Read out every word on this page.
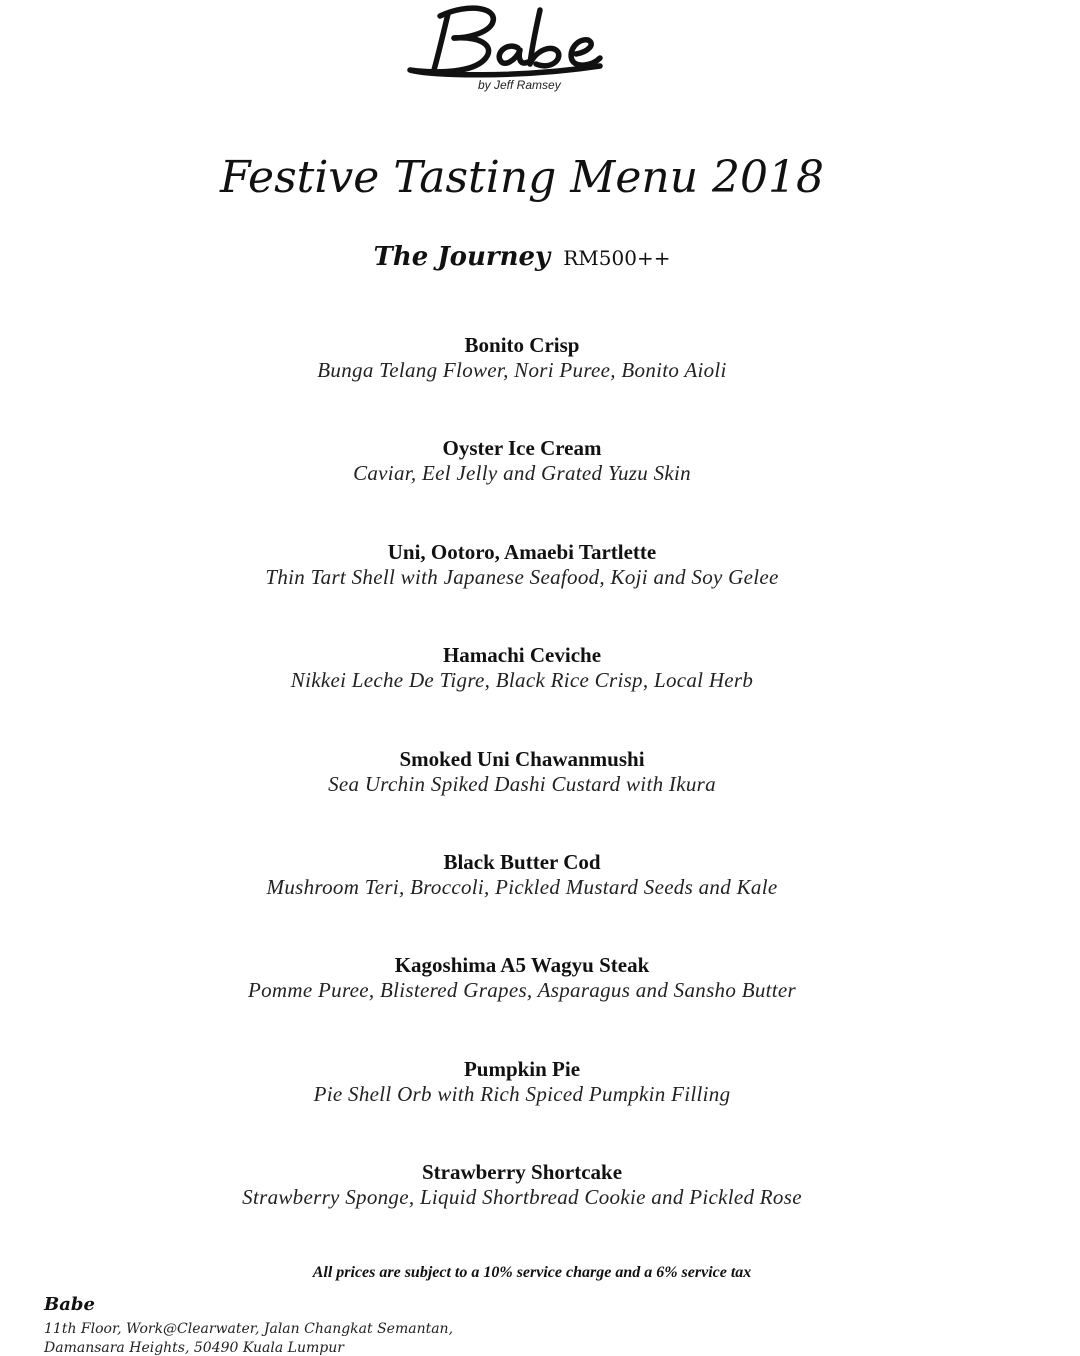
by Jeff Ramsey
Festive Tasting Menu 2018
The Journey RM500++
Bonito Crisp
Bunga Telang Flower, Nori Puree, Bonito Aioli
Oyster Ice Cream
Caviar, Eel Jelly and Grated Yuzu Skin
Uni, Ootoro, Amaebi Tartlette
Thin Tart Shell with Japanese Seafood, Koji and Soy Gelee
Hamachi Ceviche
Nikkei Leche De Tigre, Black Rice Crisp, Local Herb
Smoked Uni Chawanmushi
Sea Urchin Spiked Dashi Custard with Ikura
Black Butter Cod
Mushroom Teri, Broccoli, Pickled Mustard Seeds and Kale
Kagoshima A5 Wagyu Steak
Pomme Puree, Blistered Grapes, Asparagus and Sansho Butter
Pumpkin Pie
Pie Shell Orb with Rich Spiced Pumpkin Filling
Strawberry Shortcake
Strawberry Sponge, Liquid Shortbread Cookie and Pickled Rose
All prices are subject to a 10% service charge and a 6% service tax
Babe
11th Floor, Work@Clearwater, Jalan Changkat Semantan,
Damansara Heights, 50490 Kuala Lumpur
